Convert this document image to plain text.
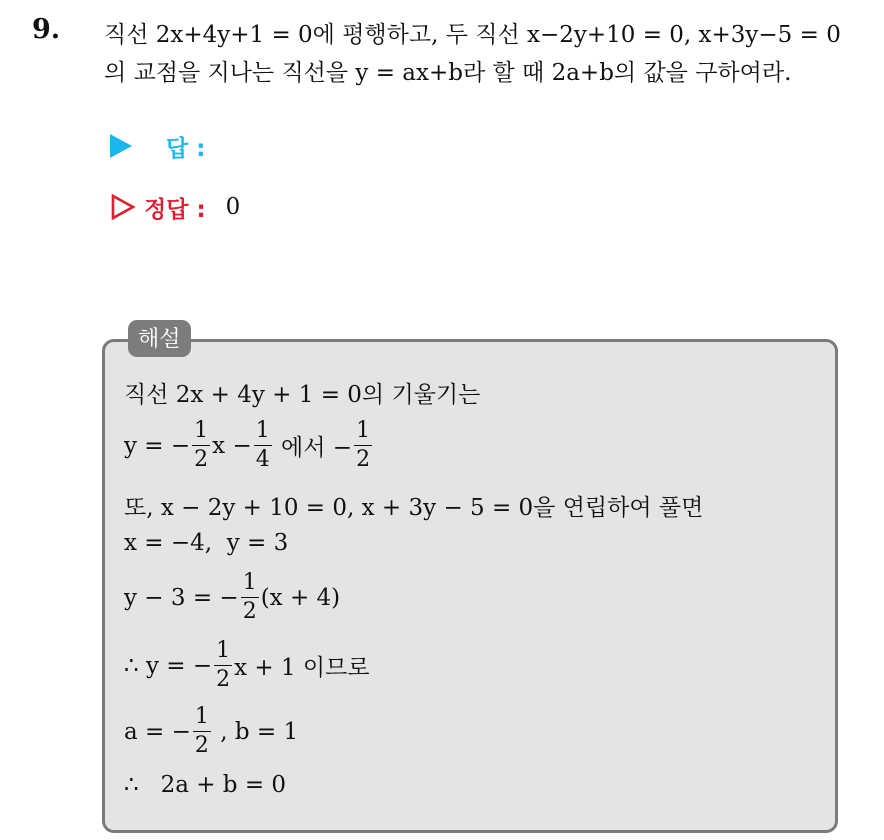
9. 직선 2x+4y+1 = 0에 평행하고, 두 직선 x−2y+10 = 0, x+3y−5 = 0
의 교점을 지나는 직선을 y = ax+b라 할 때 2a+b의 값을 구하여라.
답 :
정답 : 0
해설
직선 2x + 4y + 1 = 0의 기울기는
y = − $\frac{1}{2}$ $x - \frac{1}{4}$ 에서 − $\frac{1}{2}$
또, x − 2y + 10 = 0, x + 3y − 5 = 0을 연립하여 풀면
x = −4,  y = 3
y − 3 = − $\frac{1}{2} (x + 4)$
∴ y = − $\frac{1}{2}$ x + 1 이므로
a = − $\frac{1}{2}$ , b = 1
∴   2a + b = 0
